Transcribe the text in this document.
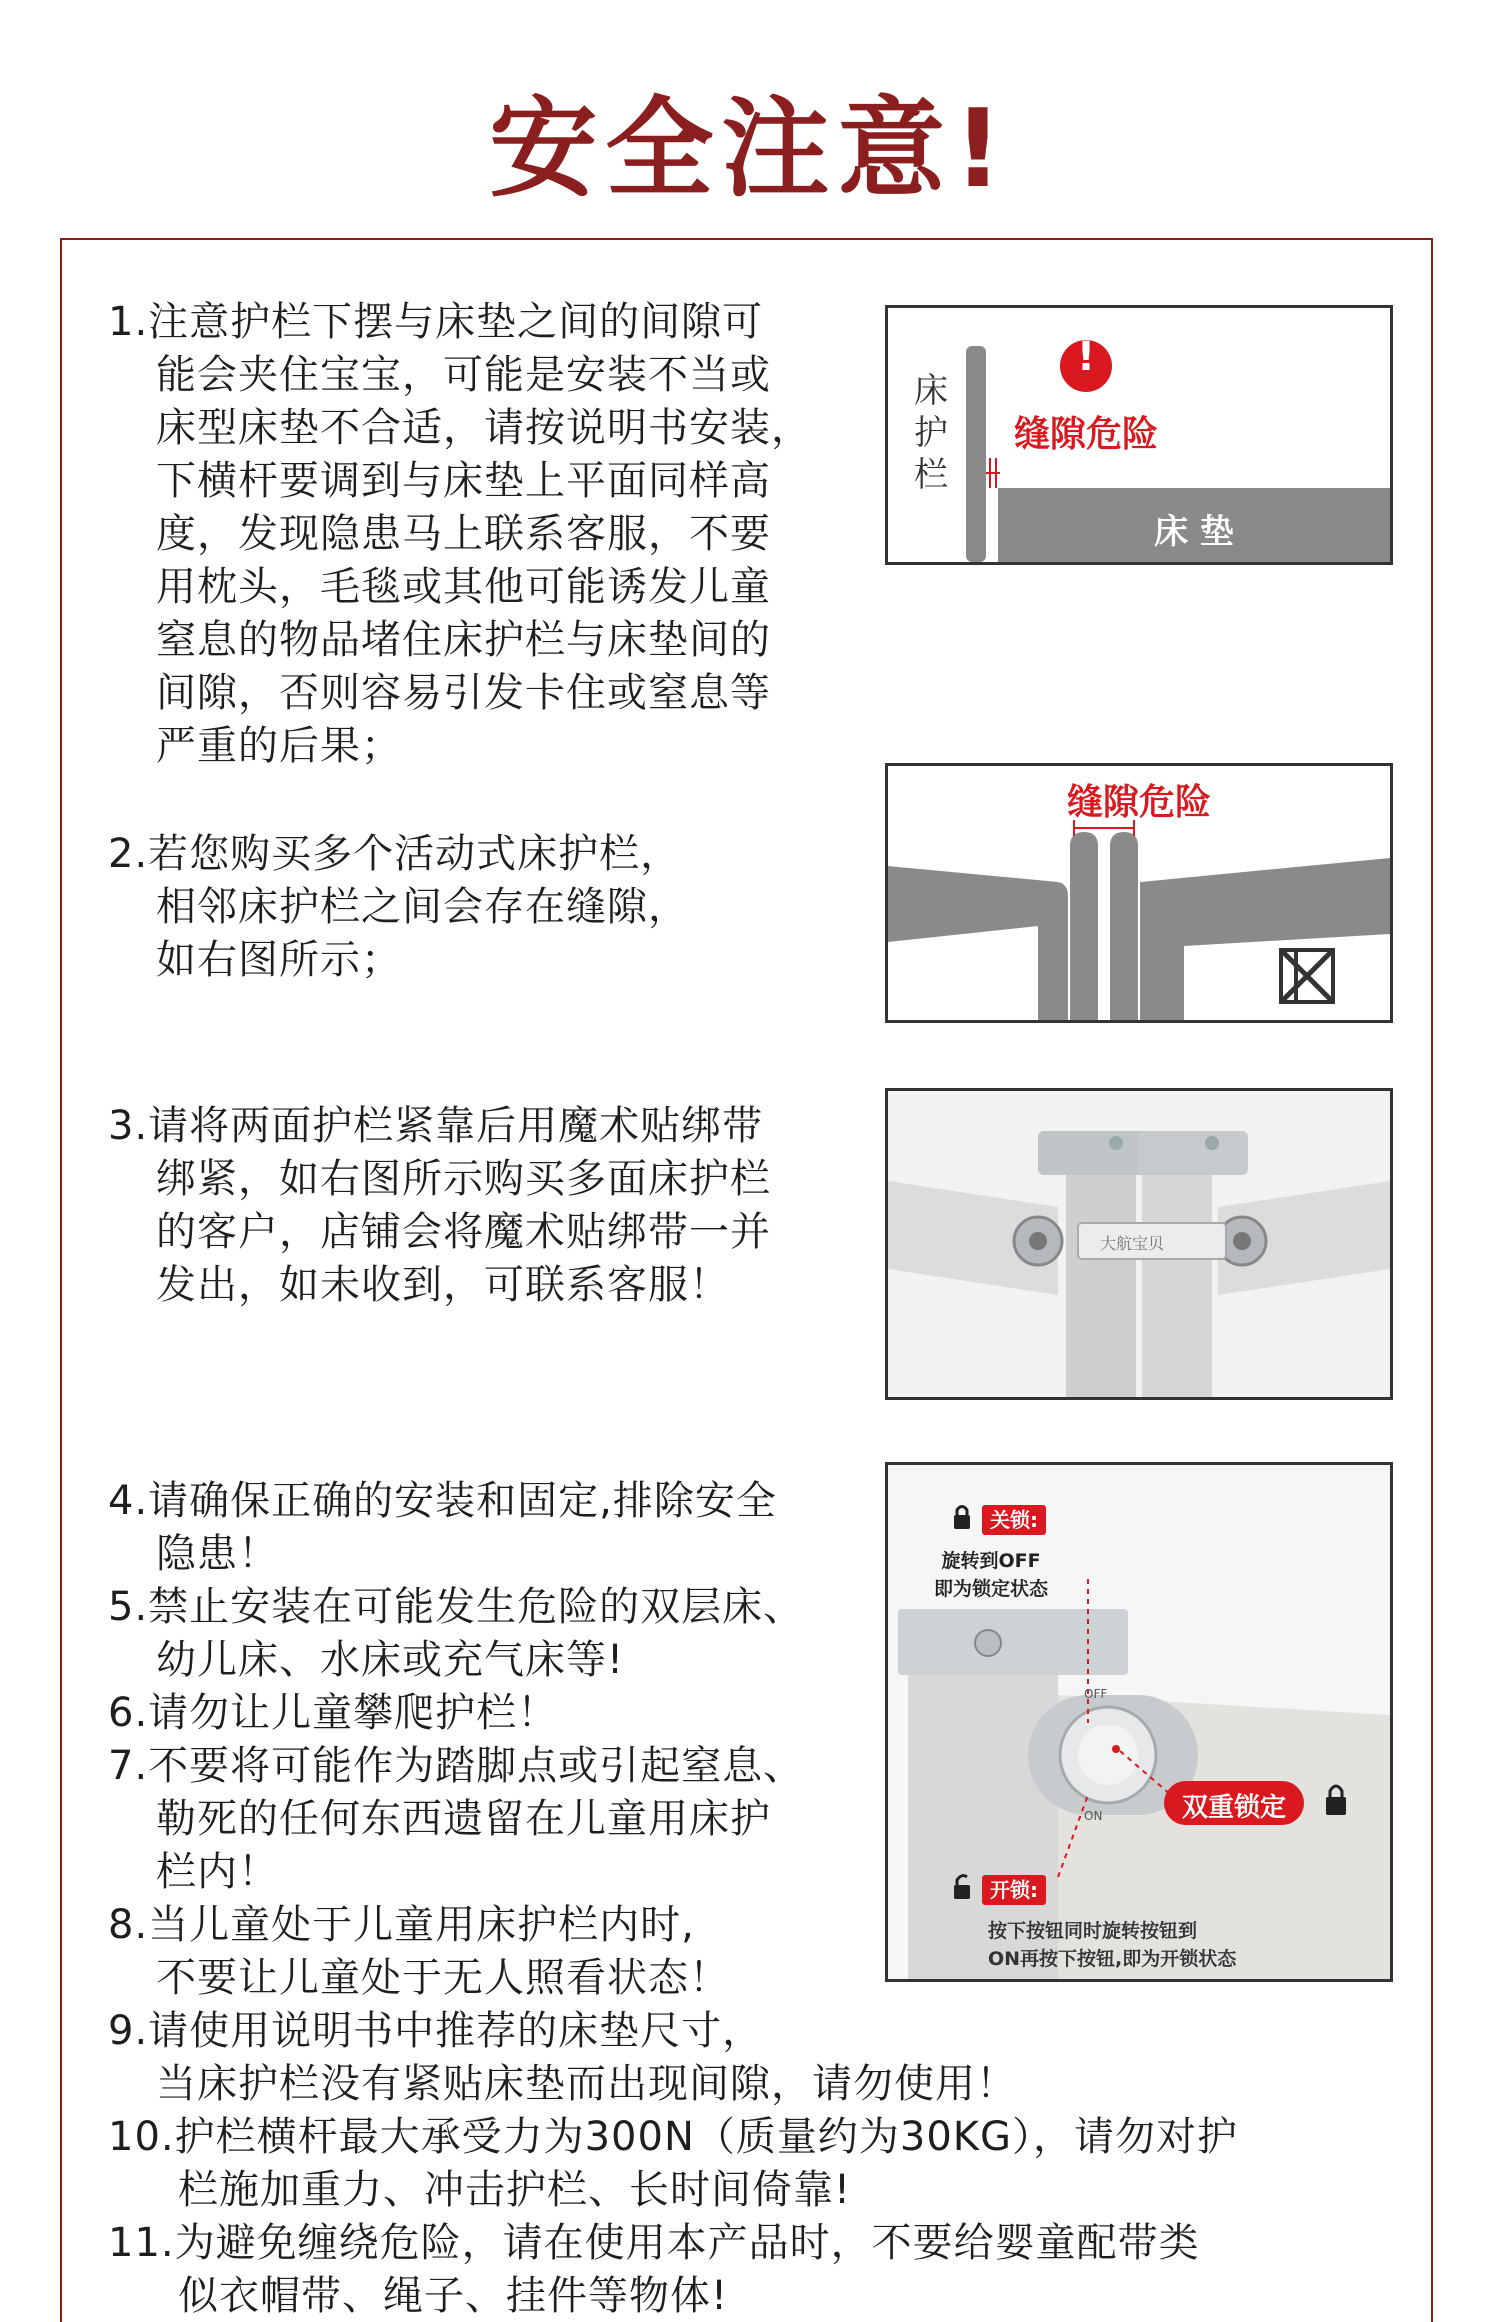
安全注意!
1.注意护栏下摆与床垫之间的间隙可
能会夹住宝宝，可能是安装不当或
床型床垫不合适，请按说明书安装，
下横杆要调到与床垫上平面同样高
度，发现隐患马上联系客服，不要
用枕头，毛毯或其他可能诱发儿童
窒息的物品堵住床护栏与床垫间的
间隙，否则容易引发卡住或窒息等
严重的后果；
2.若您购买多个活动式床护栏，
相邻床护栏之间会存在缝隙，
如右图所示；
3.请将两面护栏紧靠后用魔术贴绑带
绑紧，如右图所示购买多面床护栏
的客户，店铺会将魔术贴绑带一并
发出，如未收到，可联系客服！
4.请确保正确的安装和固定,排除安全
隐患！
5.禁止安装在可能发生危险的双层床、
幼儿床、水床或充气床等!
6.请勿让儿童攀爬护栏！
7.不要将可能作为踏脚点或引起窒息、
勒死的任何东西遗留在儿童用床护
栏内！
8.当儿童处于儿童用床护栏内时,
不要让儿童处于无人照看状态！
9.请使用说明书中推荐的床垫尺寸，
当床护栏没有紧贴床垫而出现间隙，请勿使用！
10.护栏横杆最大承受力为300N（质量约为30KG），请勿对护
栏施加重力、冲击护栏、长时间倚靠!
11.为避免缠绕危险，请在使用本产品时，不要给婴童配带类
似衣帽带、绳子、挂件等物体!
!
床护栏
缝隙危险
床 垫
缝隙危险
大航宝贝
关锁:
旋转到OFF
即为锁定状态
OFF
ON	双重锁定
开锁:
按下按钮同时旋转按钮到
ON再按下按钮,即为开锁状态
